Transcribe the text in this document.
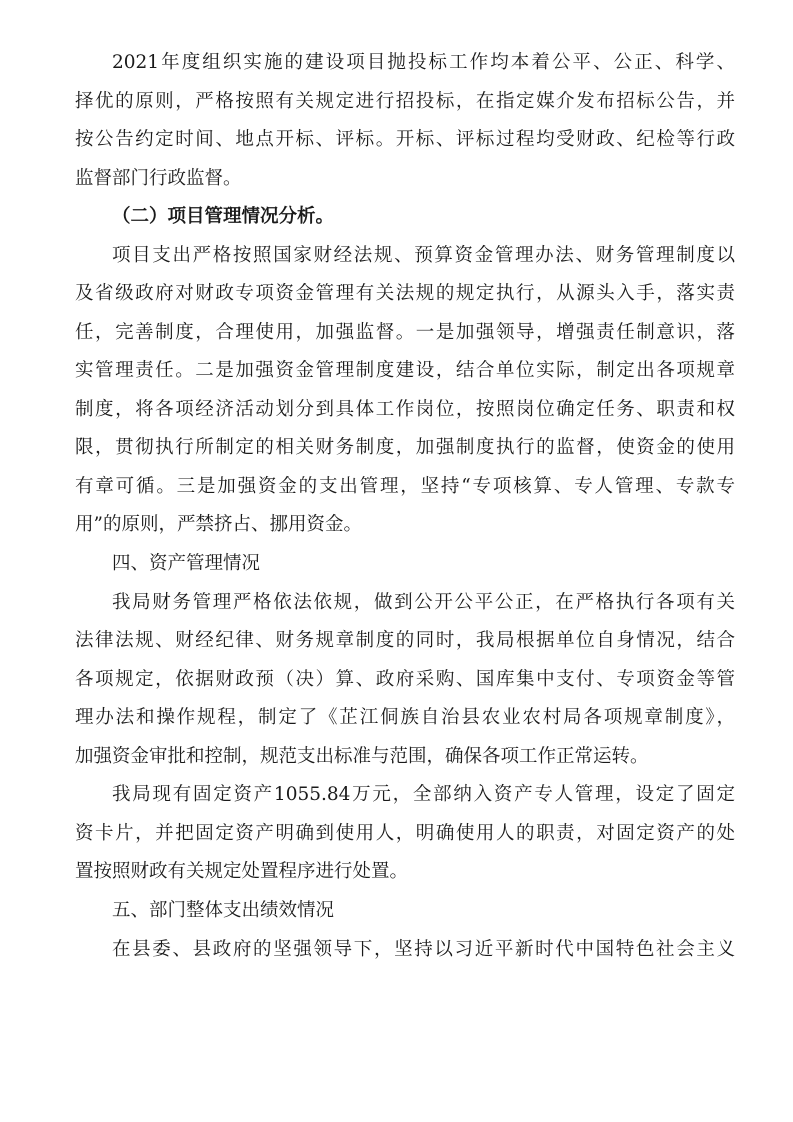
2021年度组织实施的建设项目抛投标工作均本着公平、公正、科学、
择优的原则，严格按照有关规定进行招投标，在指定媒介发布招标公告，并
按公告约定时间、地点开标、评标。开标、评标过程均受财政、纪检等行政
监督部门行政监督。
（二）项目管理情况分析。
项目支出严格按照国家财经法规、预算资金管理办法、财务管理制度以
及省级政府对财政专项资金管理有关法规的规定执行，从源头入手，落实责
任，完善制度，合理使用，加强监督。一是加强领导，增强责任制意识，落
实管理责任。二是加强资金管理制度建设，结合单位实际，制定出各项规章
制度，将各项经济活动划分到具体工作岗位，按照岗位确定任务、职责和权
限，贯彻执行所制定的相关财务制度，加强制度执行的监督，使资金的使用
有章可循。三是加强资金的支出管理，坚持“专项核算、专人管理、专款专
用”的原则，严禁挤占、挪用资金。
四、资产管理情况
我局财务管理严格依法依规，做到公开公平公正，在严格执行各项有关
法律法规、财经纪律、财务规章制度的同时，我局根据单位自身情况，结合
各项规定，依据财政预（决）算、政府采购、国库集中支付、专项资金等管
理办法和操作规程，制定了《芷江侗族自治县农业农村局各项规章制度》，
加强资金审批和控制，规范支出标准与范围，确保各项工作正常运转。
我局现有固定资产1055.84万元，全部纳入资产专人管理，设定了固定
资卡片，并把固定资产明确到使用人，明确使用人的职责，对固定资产的处
置按照财政有关规定处置程序进行处置。
五、部门整体支出绩效情况
在县委、县政府的坚强领导下，坚持以习近平新时代中国特色社会主义
